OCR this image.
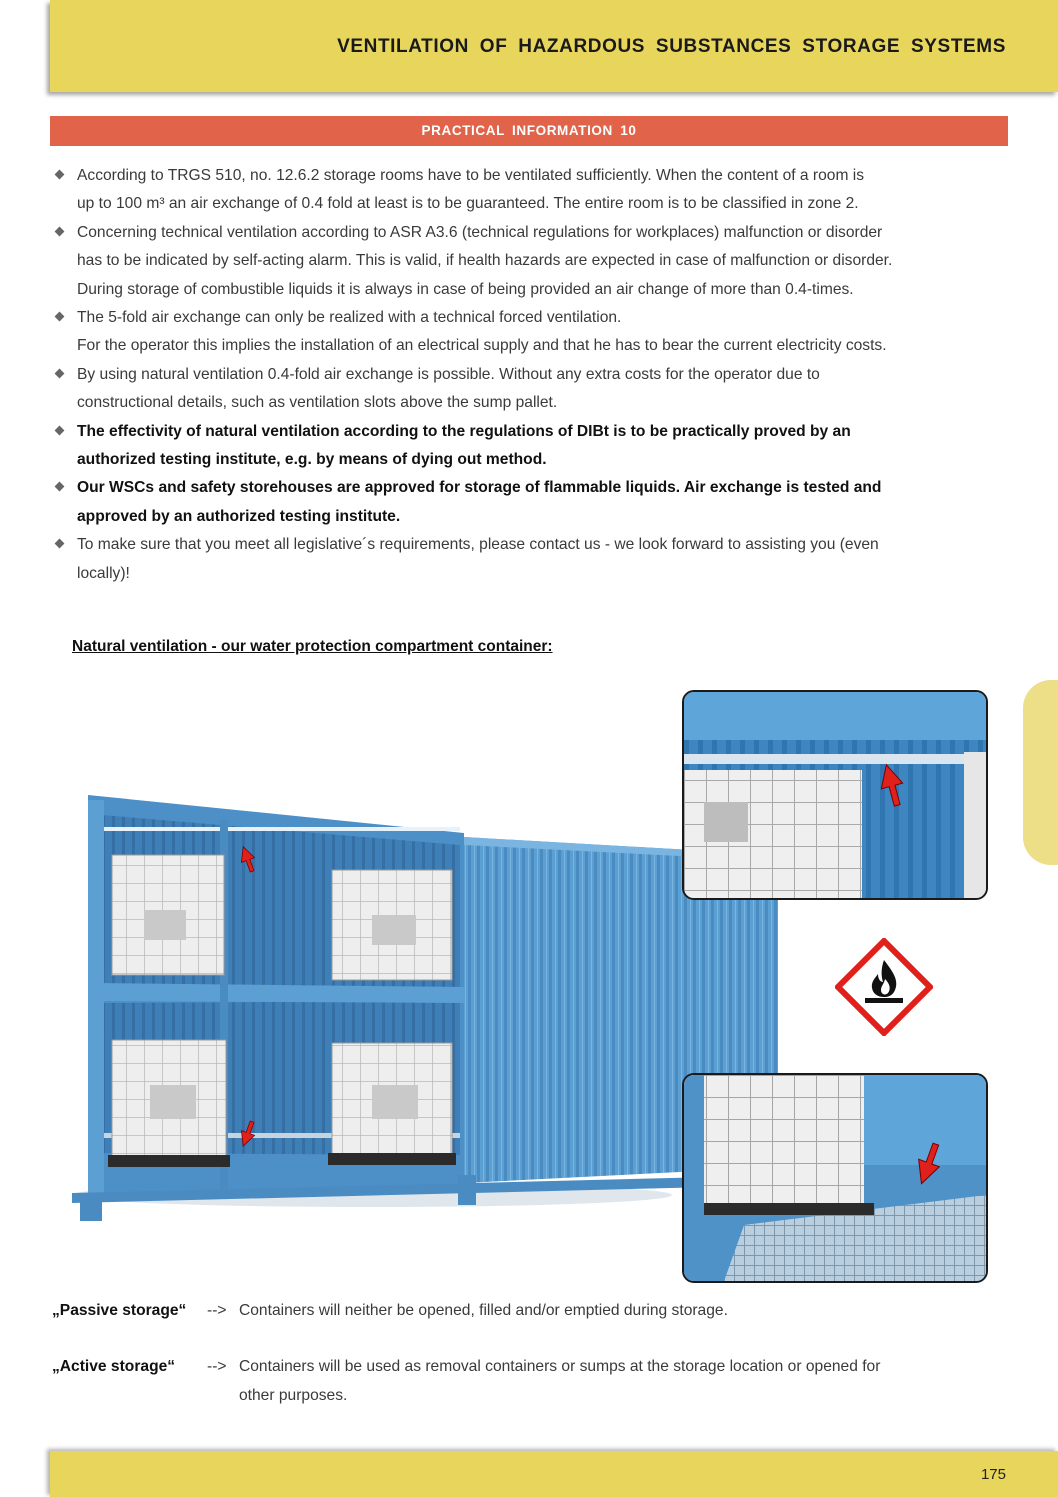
VENTILATION OF HAZARDOUS SUBSTANCES STORAGE SYSTEMS
PRACTICAL INFORMATION 10
According to TRGS 510, no. 12.6.2 storage rooms have to be ventilated sufficiently. When the content of a room is
up to 100 m³ an air exchange of 0.4 fold at least is to be guaranteed. The entire room is to be classified in zone 2.
Concerning technical ventilation according to ASR A3.6 (technical regulations for workplaces) malfunction or disorder
has to be indicated by self-acting alarm. This is valid, if health hazards are expected in case of malfunction or disorder.
During storage of combustible liquids it is always in case of being provided an air change of more than 0.4-times.
The 5-fold air exchange can only be realized with a technical forced ventilation.
For the operator this implies the installation of an electrical supply and that he has to bear the current electricity costs.
By using natural ventilation 0.4-fold air exchange is possible. Without any extra costs for the operator due to
constructional details, such as ventilation slots above the sump pallet.
The effectivity of natural ventilation according to the regulations of DIBt is to be practically proved by an
authorized testing institute, e.g. by means of dying out method.
Our WSCs and safety storehouses are approved for storage of flammable liquids. Air exchange is tested and
approved by an authorized testing institute.
To make sure that you meet all legislative´s requirements, please contact us - we look forward to assisting you (even
locally)!
Natural ventilation - our water protection compartment container:
„Passive storage“ --> Containers will neither be opened, filled and/or emptied during storage.
„Active storage“ --> Containers will be used as removal containers or sumps at the storage location or opened for other purposes.
175
